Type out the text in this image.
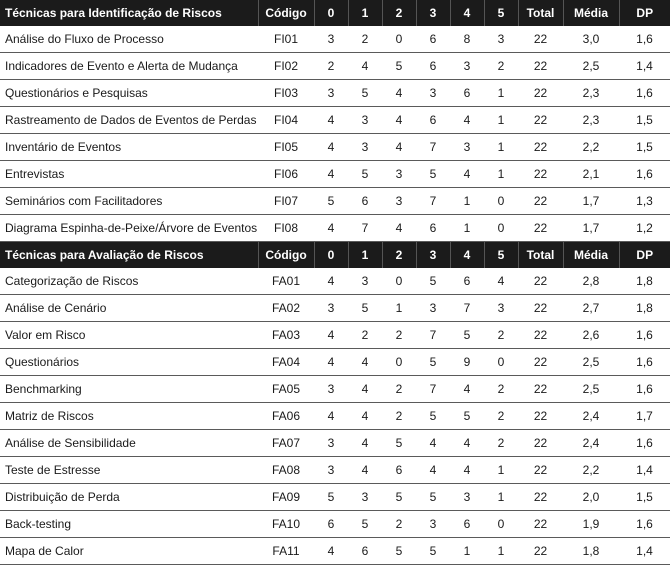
Técnicas para Identificação de Riscos	Código	0	1	2	3	4	5	Total	Média	DP
Análise do Fluxo de Processo	FI01	3	2	0	6	8	3	22	3,0	1,6
Indicadores de Evento e Alerta de Mudança	FI02	2	4	5	6	3	2	22	2,5	1,4
Questionários e Pesquisas	FI03	3	5	4	3	6	1	22	2,3	1,6
Rastreamento de Dados de Eventos de Perdas	FI04	4	3	4	6	4	1	22	2,3	1,5
Inventário de Eventos	FI05	4	3	4	7	3	1	22	2,2	1,5
Entrevistas	FI06	4	5	3	5	4	1	22	2,1	1,6
Seminários com Facilitadores	FI07	5	6	3	7	1	0	22	1,7	1,3
Diagrama Espinha-de-Peixe/Árvore de Eventos	FI08	4	7	4	6	1	0	22	1,7	1,2
Técnicas para Avaliação de Riscos	Código	0	1	2	3	4	5	Total	Média	DP
Categorização de Riscos	FA01	4	3	0	5	6	4	22	2,8	1,8
Análise de Cenário	FA02	3	5	1	3	7	3	22	2,7	1,8
Valor em Risco	FA03	4	2	2	7	5	2	22	2,6	1,6
Questionários	FA04	4	4	0	5	9	0	22	2,5	1,6
Benchmarking	FA05	3	4	2	7	4	2	22	2,5	1,6
Matriz de Riscos	FA06	4	4	2	5	5	2	22	2,4	1,7
Análise de Sensibilidade	FA07	3	4	5	4	4	2	22	2,4	1,6
Teste de Estresse	FA08	3	4	6	4	4	1	22	2,2	1,4
Distribuição de Perda	FA09	5	3	5	5	3	1	22	2,0	1,5
Back-testing	FA10	6	5	2	3	6	0	22	1,9	1,6
Mapa de Calor	FA11	4	6	5	5	1	1	22	1,8	1,4
